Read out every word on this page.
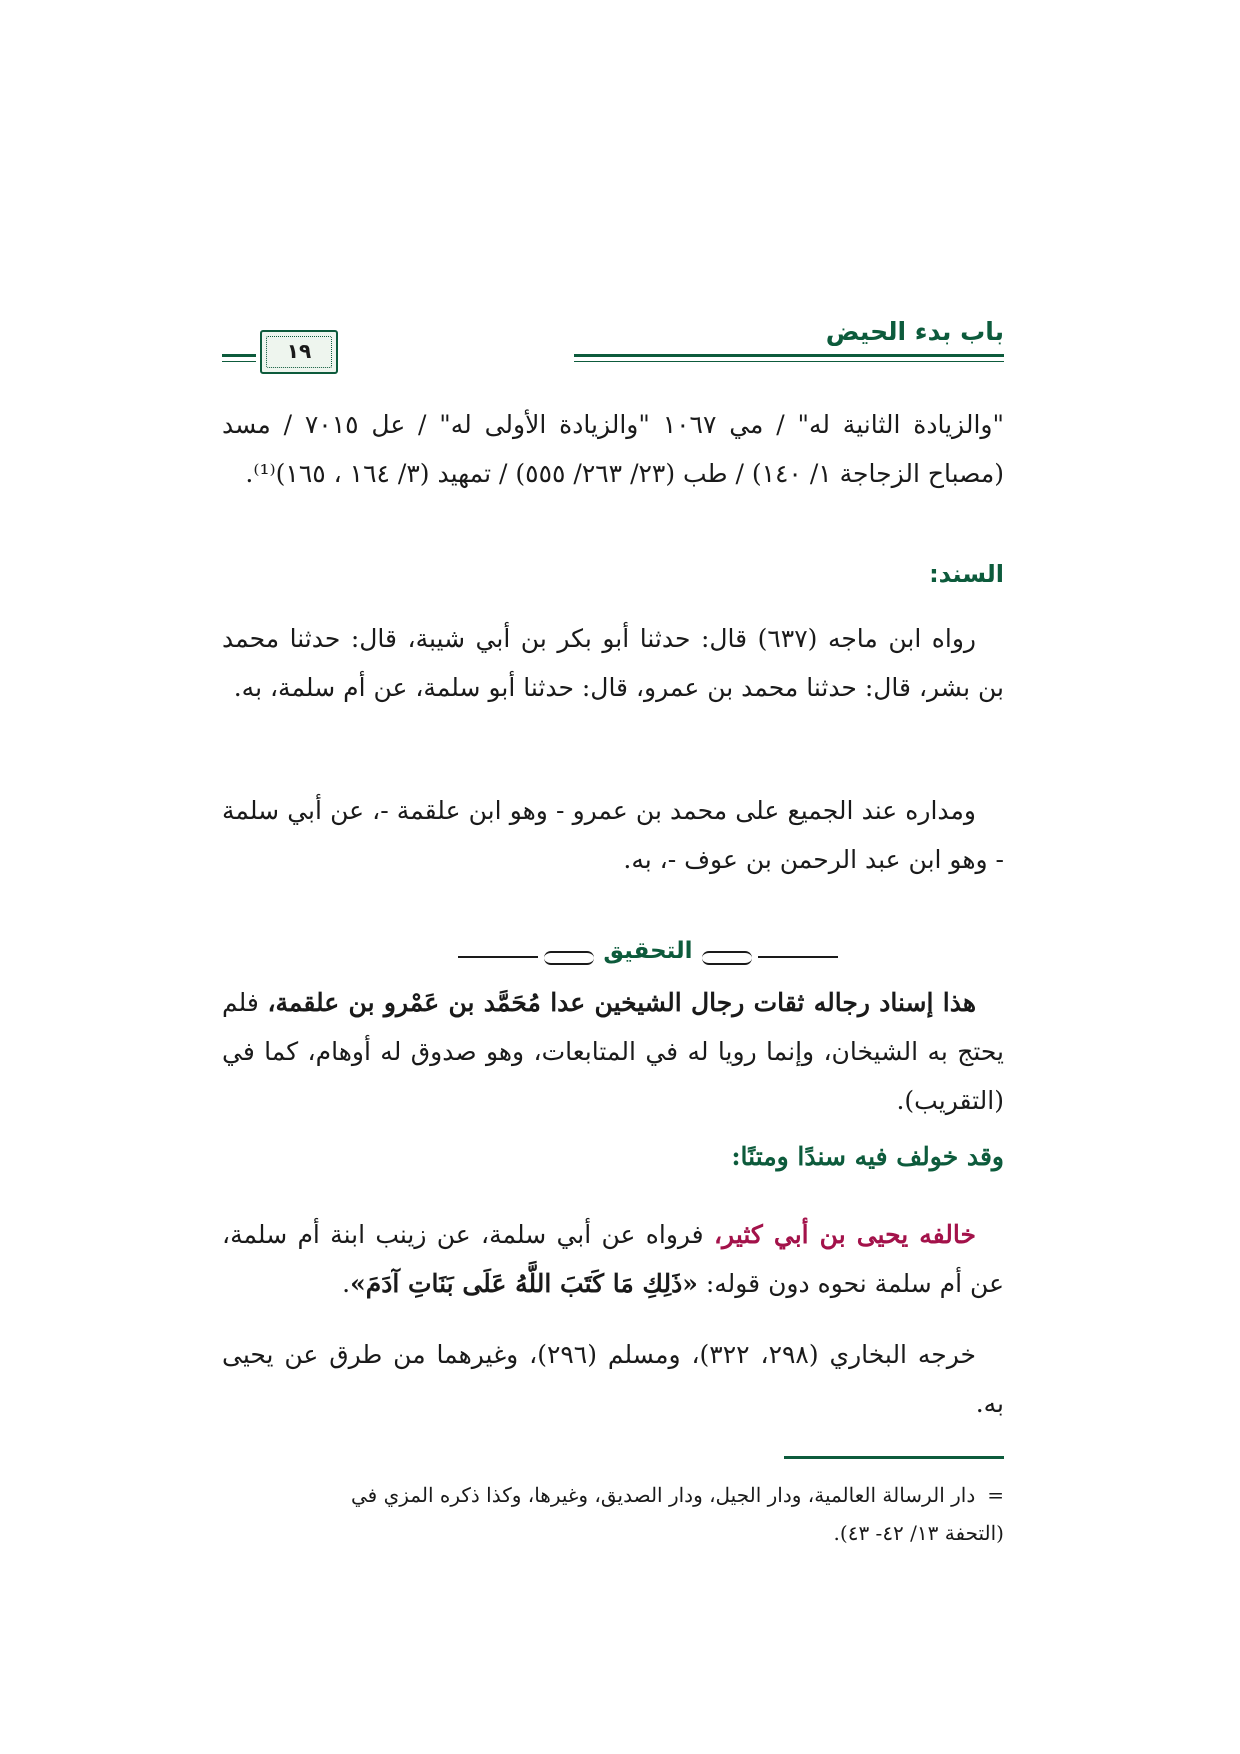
باب بدء الحيض
١٩

"والزيادة الثانية له" / مي ١٠٦٧ "والزيادة الأولى له" / عل ٧٠١٥ / مسد (مصباح الزجاجة ١/ ١٤٠) / طب (٢٣/ ٢٦٣/ ٥٥٥) / تمهيد (٣/ ١٦٤ ، ١٦٥)⁽¹⁾.

السند:

رواه ابن ماجه (٦٣٧) قال: حدثنا أبو بكر بن أبي شيبة، قال: حدثنا محمد بن بشر، قال: حدثنا محمد بن عمرو، قال: حدثنا أبو سلمة، عن أم سلمة، به.

ومداره عند الجميع على محمد بن عمرو - وهو ابن علقمة -، عن أبي سلمة - وهو ابن عبد الرحمن بن عوف -، به.

التحقيق

هذا إسناد رجاله ثقات رجال الشيخين عدا مُحَمَّد بن عَمْرو بن علقمة، فلم يحتج به الشيخان، وإنما رويا له في المتابعات، وهو صدوق له أوهام، كما في (التقريب).

وقد خولف فيه سندًا ومتنًا:

خالفه يحيى بن أبي كثير، فرواه عن أبي سلمة، عن زينب ابنة أم سلمة، عن أم سلمة نحوه دون قوله: «ذَلِكِ مَا كَتَبَ اللَّهُ عَلَى بَنَاتِ آدَمَ».

خرجه البخاري (٢٩٨، ٣٢٢)، ومسلم (٢٩٦)، وغيرهما من طرق عن يحيى به.

=دار الرسالة العالمية، ودار الجيل، ودار الصديق، وغيرها، وكذا ذكره المزي في
(التحفة ١٣/ ٤٢- ٤٣).
